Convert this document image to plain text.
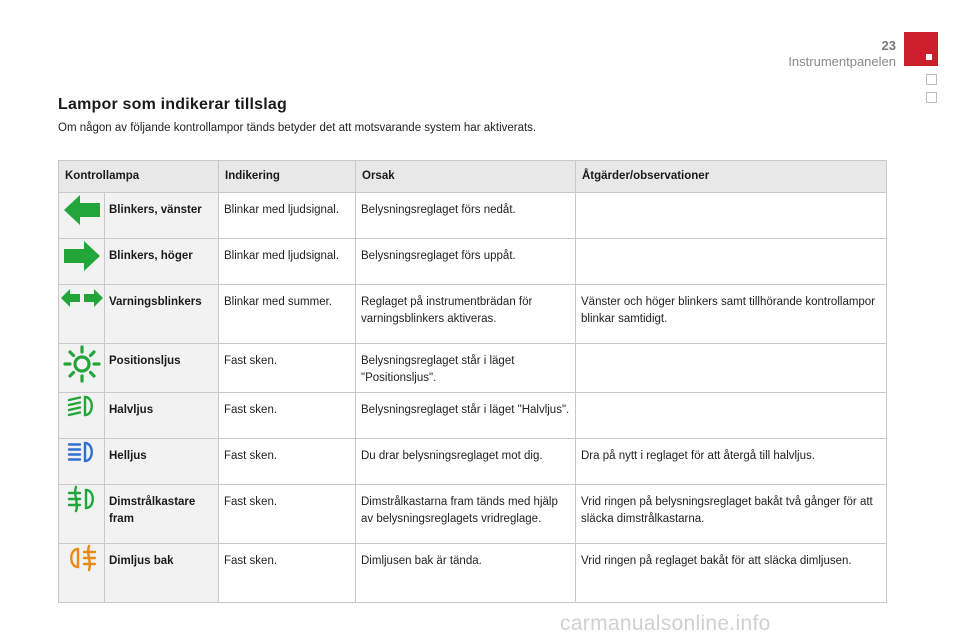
23
Instrumentpanelen
Lampor som indikerar tillslag
Om någon av följande kontrollampor tänds betyder det att motsvarande system har aktiverats.
Kontrollampa		Indikering	Orsak	Åtgärder/observationer

	Blinkers, vänster	Blinkar med ljudsignal.	Belysningsreglaget förs nedåt.	

	Blinkers, höger	Blinkar med ljudsignal.	Belysningsreglaget förs uppåt.	

	Varningsblinkers	Blinkar med summer.	Reglaget på instrumentbrädan för varningsblinkers aktiveras.	Vänster och höger blinkers samt tillhörande kontrollampor blinkar samtidigt.

	Positionsljus	Fast sken.	Belysningsreglaget står i läget "Positionsljus".	

	Halvljus	Fast sken.	Belysningsreglaget står i läget "Halvljus".	

	Helljus	Fast sken.	Du drar belysningsreglaget mot dig.	Dra på nytt i reglaget för att återgå till halvljus.

	Dimstrålkastare fram	Fast sken.	Dimstrålkastarna fram tänds med hjälp av belysningsreglagets vridreglage.	Vrid ringen på belysningsreglaget bakåt två gånger för att släcka dimstrålkastarna.

	Dimljus bak	Fast sken.	Dimljusen bak är tända.	Vrid ringen på reglaget bakåt för att släcka dimljusen.
carmanualsonline.info
